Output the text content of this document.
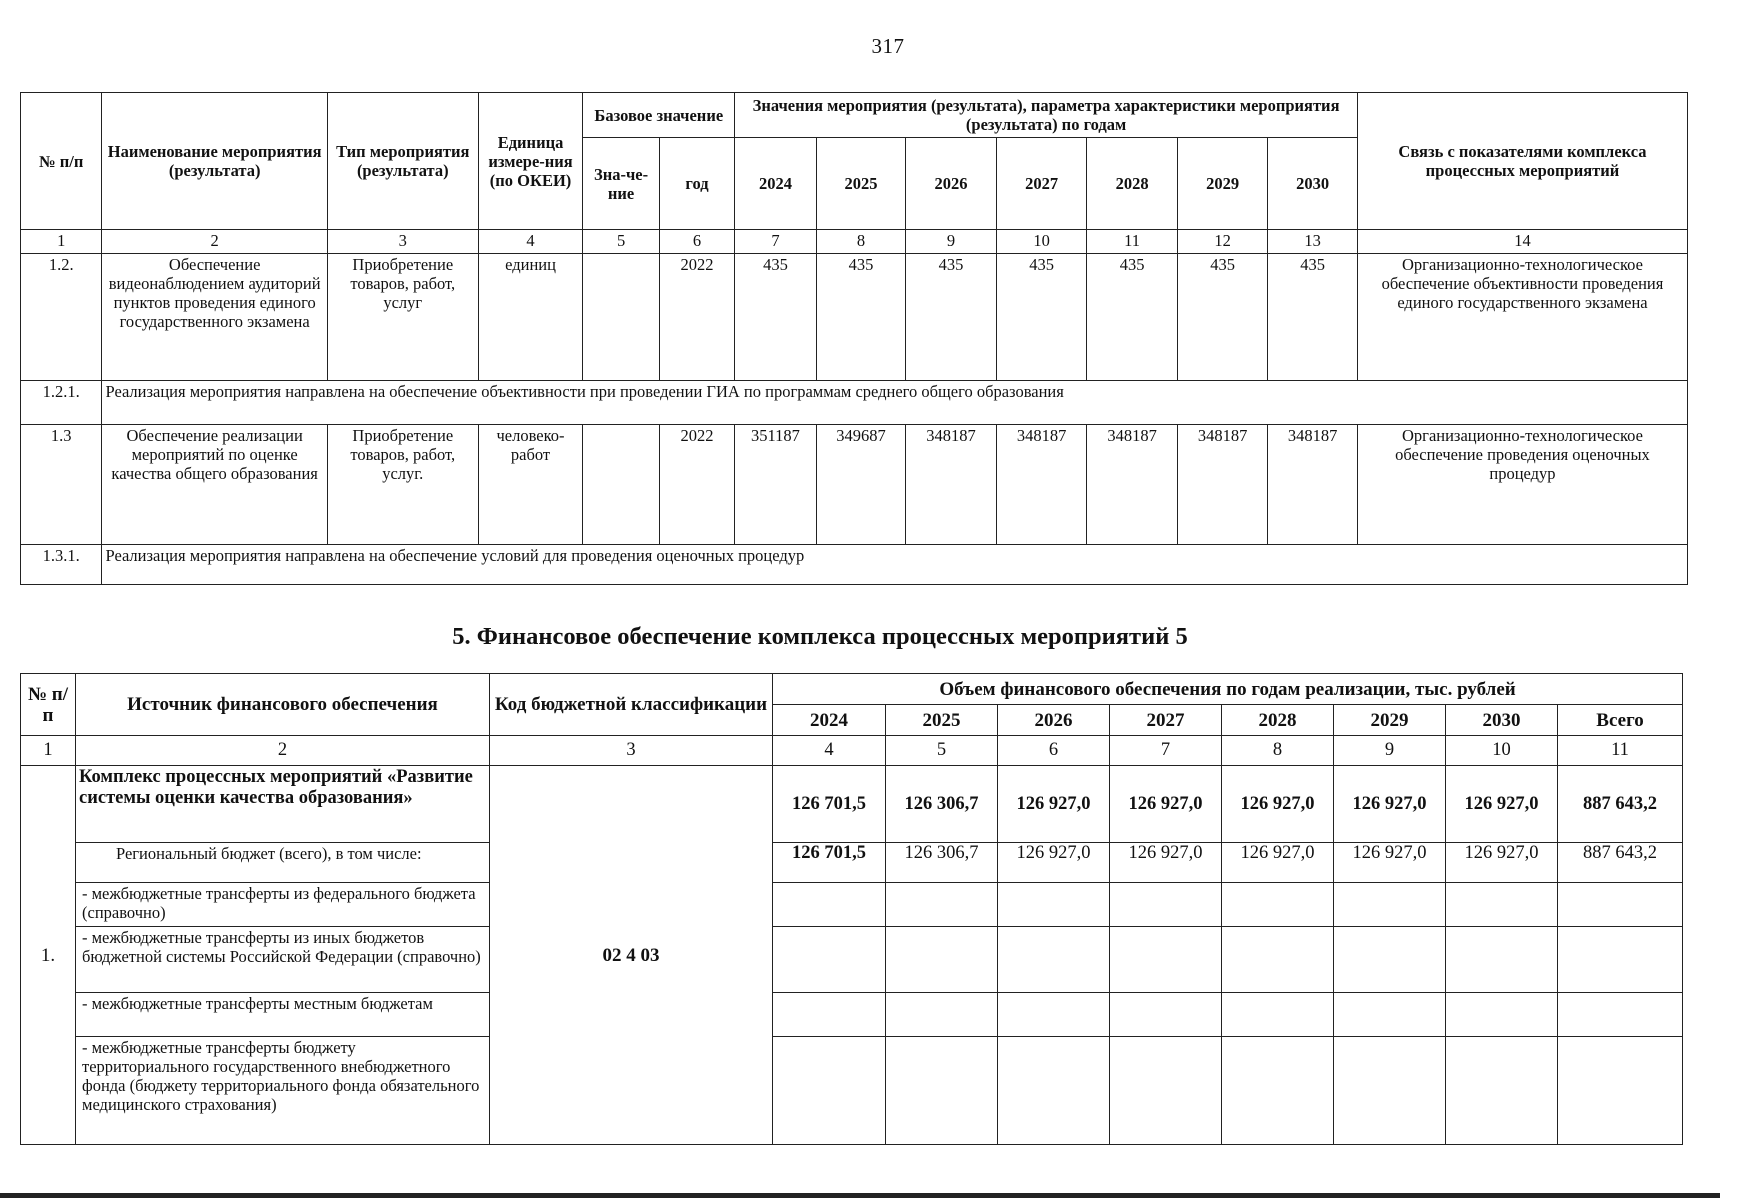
317
№ п/п	Наименование мероприятия (результата)	Тип мероприятия (результата)	Единица измере-ния (по ОКЕИ)	Базовое значение		Значения мероприятия (результата), параметра характеристики мероприятия (результата) по годам							Связь с показателями комплекса процессных мероприятий
				Зна-че-ние	год	2024	2025	2026	2027	2028	2029	2030	
1	2	3	4	5	6	7	8	9	10	11	12	13	14
1.2.	Обеспечение видеонаблюдением аудиторий пунктов проведения единого государственного экзамена	Приобретение товаров, работ, услуг	единиц		2022	435	435	435	435	435	435	435	Организационно-технологическое обеспечение объективности проведения единого государственного экзамена
1.2.1.	Реализация мероприятия направлена на обеспечение объективности при проведении ГИА по программам среднего общего образования												
1.3	Обеспечение реализации мероприятий по оценке качества общего образования	Приобретение товаров, работ, услуг.	человеко-работ		2022	351187	349687	348187	348187	348187	348187	348187	Организационно-технологическое обеспечение проведения оценочных процедур
1.3.1.	Реализация мероприятия направлена на обеспечение условий для проведения оценочных процедур												
5. Финансовое обеспечение комплекса процессных мероприятий 5
№ п/п	Источник финансового обеспечения	Код бюджетной классификации	Объем финансового обеспечения по годам реализации, тыс. рублей							
			2024	2025	2026	2027	2028	2029	2030	Всего
1	2	3	4	5	6	7	8	9	10	11
1.	Комплекс процессных мероприятий «Развитие системы оценки качества образования»	02 4 03	126 701,5	126 306,7	126 927,0	126 927,0	126 927,0	126 927,0	126 927,0	887 643,2
	Региональный бюджет (всего), в том числе:		126 701,5	126 306,7	126 927,0	126 927,0	126 927,0	126 927,0	126 927,0	887 643,2
	- межбюджетные трансферты из федерального бюджета (справочно)									
	- межбюджетные трансферты из иных бюджетов бюджетной системы Российской Федерации (справочно)									
	- межбюджетные трансферты местным бюджетам									
	- межбюджетные трансферты бюджету территориального государственного внебюджетного фонда (бюджету территориального фонда обязательного медицинского страхования)									
